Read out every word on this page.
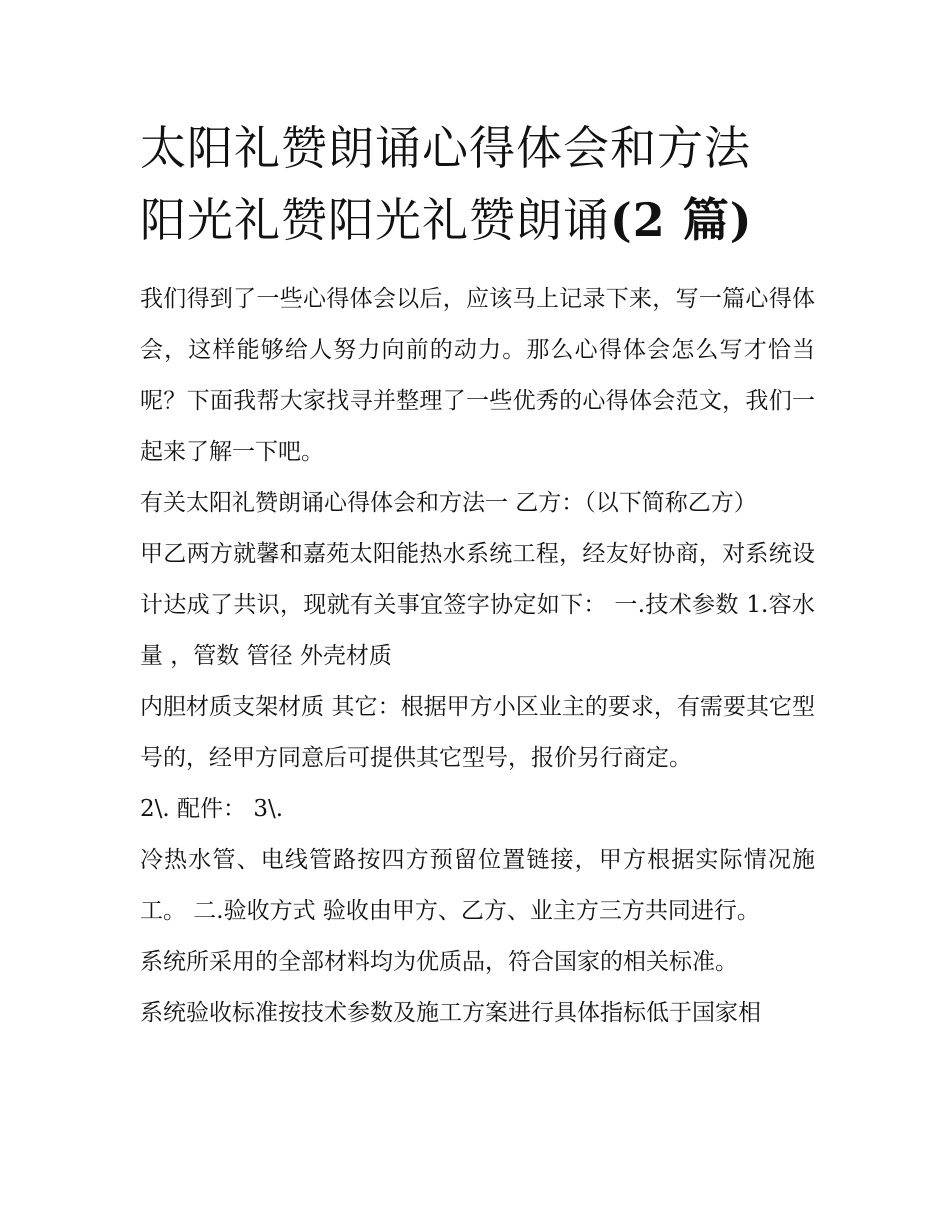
太阳礼赞朗诵心得体会和方法
阳光礼赞阳光礼赞朗诵(2 篇)

我们得到了一些心得体会以后，应该马上记录下来，写一篇心得体会，这样能够给人努力向前的动力。那么心得体会怎么写才恰当呢？下面我帮大家找寻并整理了一些优秀的心得体会范文，我们一起来了解一下吧。

有关太阳礼赞朗诵心得体会和方法一 乙方：（以下简称乙方）

甲乙两方就馨和嘉苑太阳能热水系统工程，经友好协商，对系统设计达成了共识，现就有关事宜签字协定如下： 一.技术参数 1.容水量 ，管数 管径 外壳材质

内胆材质支架材质 其它：根据甲方小区业主的要求，有需要其它型号的，经甲方同意后可提供其它型号，报价另行商定。

2\. 配件： 3\.

冷热水管、电线管路按四方预留位置链接，甲方根据实际情况施工。 二.验收方式 验收由甲方、乙方、业主方三方共同进行。

系统所采用的全部材料均为优质品，符合国家的相关标准。

系统验收标准按技术参数及施工方案进行具体指标低于国家相
